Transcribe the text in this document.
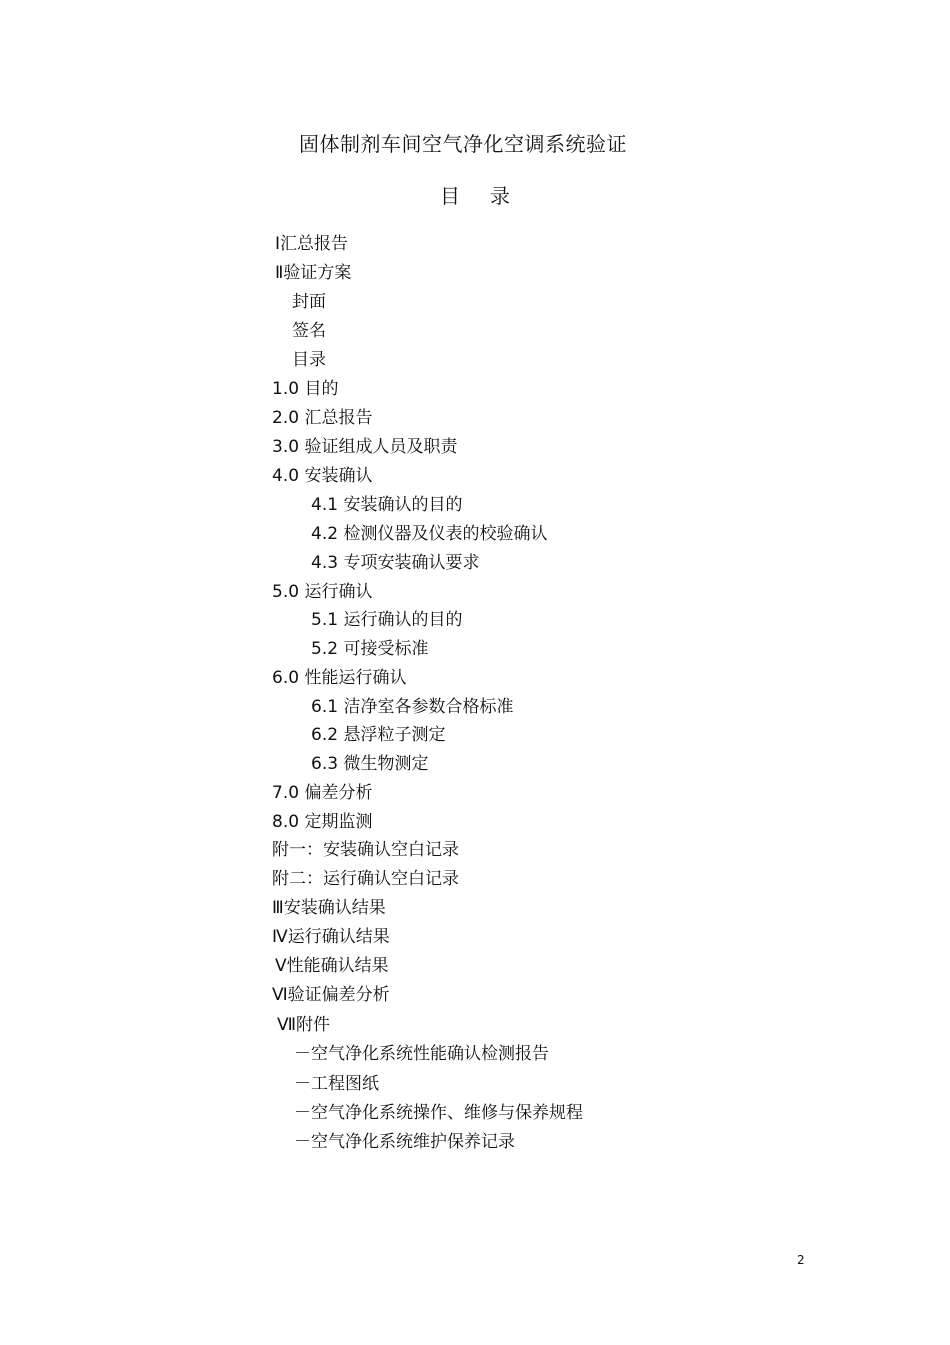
固体制剂车间空气净化空调系统验证
目 录
Ⅰ汇总报告
Ⅱ验证方案
封面
签名
目录
1.0 目的
2.0 汇总报告
3.0 验证组成人员及职责
4.0 安装确认
4.1 安装确认的目的
4.2 检测仪器及仪表的校验确认
4.3 专项安装确认要求
5.0 运行确认
5.1 运行确认的目的
5.2 可接受标准
6.0 性能运行确认
6.1 洁净室各参数合格标准
6.2 悬浮粒子测定
6.3 微生物测定
7.0 偏差分析
8.0 定期监测
附一：安装确认空白记录
附二：运行确认空白记录
Ⅲ安装确认结果
Ⅳ运行确认结果
Ⅴ性能确认结果
Ⅵ验证偏差分析
Ⅶ附件
－空气净化系统性能确认检测报告
－工程图纸
－空气净化系统操作、维修与保养规程
－空气净化系统维护保养记录
2
